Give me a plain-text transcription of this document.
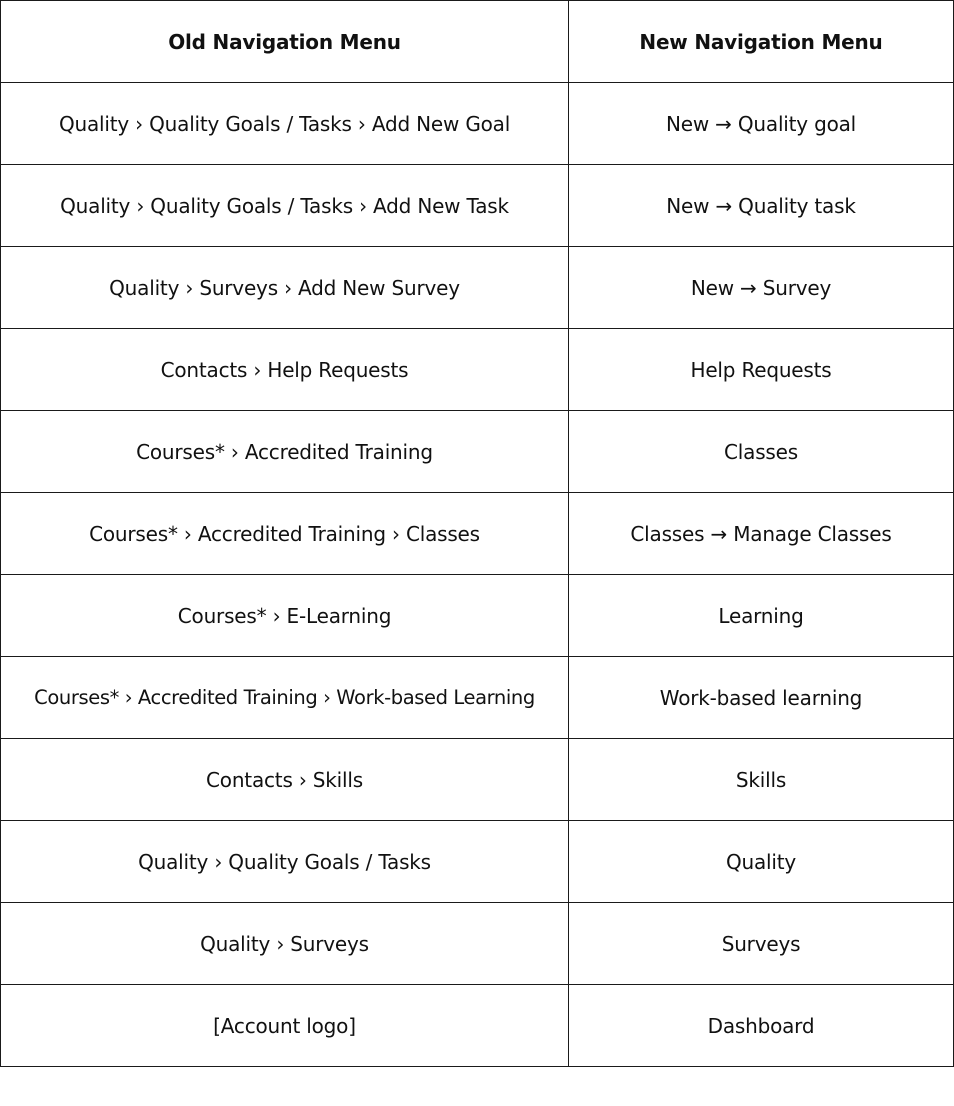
Old Navigation Menu	New Navigation Menu
Quality › Quality Goals / Tasks › Add New Goal	New → Quality goal
Quality › Quality Goals / Tasks › Add New Task	New → Quality task
Quality › Surveys › Add New Survey	New → Survey
Contacts › Help Requests	Help Requests
Courses* › Accredited Training	Classes
Courses* › Accredited Training › Classes	Classes → Manage Classes
Courses* › E-Learning	Learning
Courses* › Accredited Training › Work-based Learning	Work-based learning
Contacts › Skills	Skills
Quality › Quality Goals / Tasks	Quality
Quality › Surveys	Surveys
[Account logo]	Dashboard
